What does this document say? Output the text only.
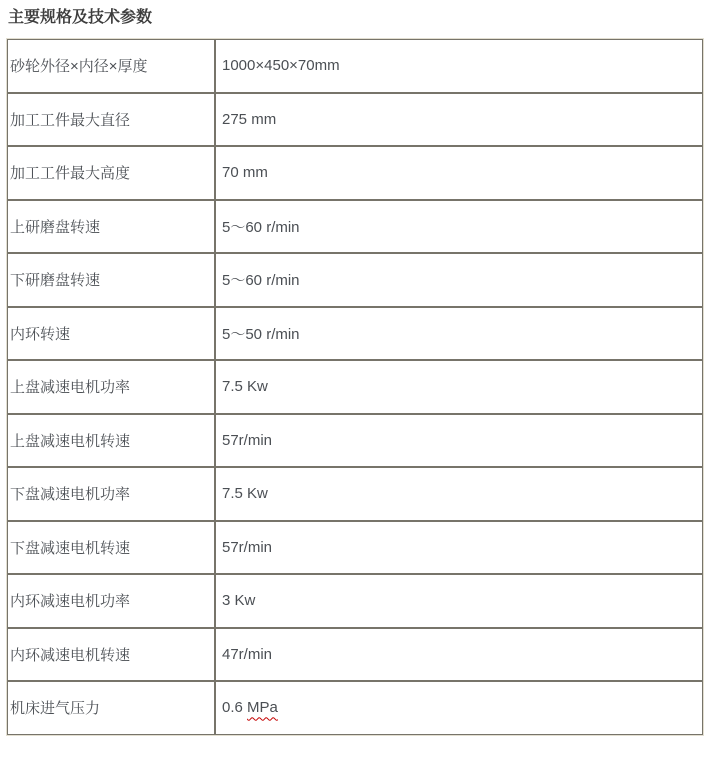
主要规格及技术参数
砂轮外径×内径×厚度	1000×450×70mm
加工工件最大直径	275 mm
加工工件最大高度	70 mm
上研磨盘转速	5～60 r/min
下研磨盘转速	5～60 r/min
内环转速	5～50 r/min
上盘减速电机功率	7.5 Kw
上盘减速电机转速	57r/min
下盘减速电机功率	7.5 Kw
下盘减速电机转速	57r/min
内环减速电机功率	3 Kw
内环减速电机转速	47r/min
机床进气压力	0.6 MPa
